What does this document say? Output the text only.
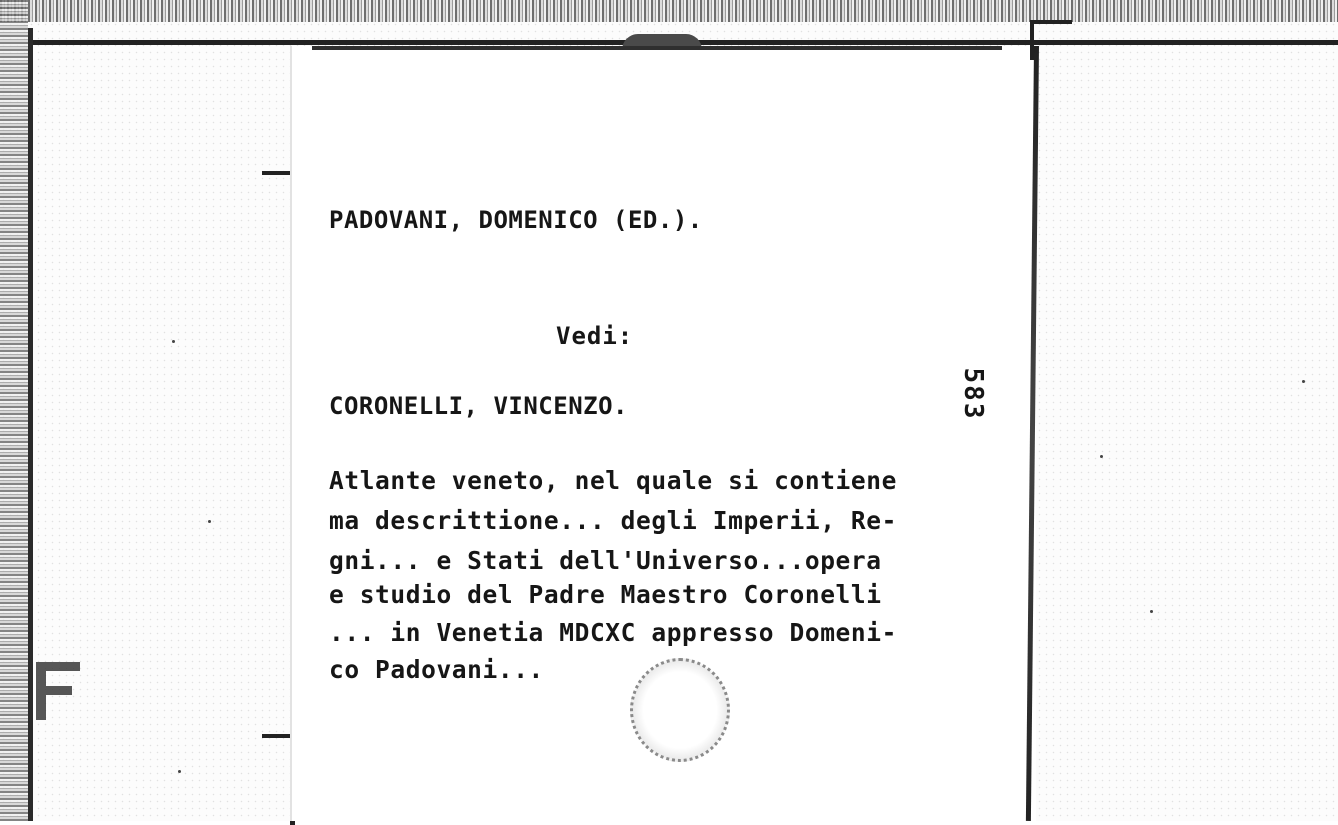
PADOVANI, DOMENICO (ED.).
Vedi:
CORONELLI, VINCENZO.	583
Atlante veneto, nel quale si contiene
ma descrittione... degli Imperii, Re-
gni... e Stati dell'Universo...opera
e studio del Padre Maestro Coronelli
... in Venetia MDCXC appresso Domeni-
co Padovani...
